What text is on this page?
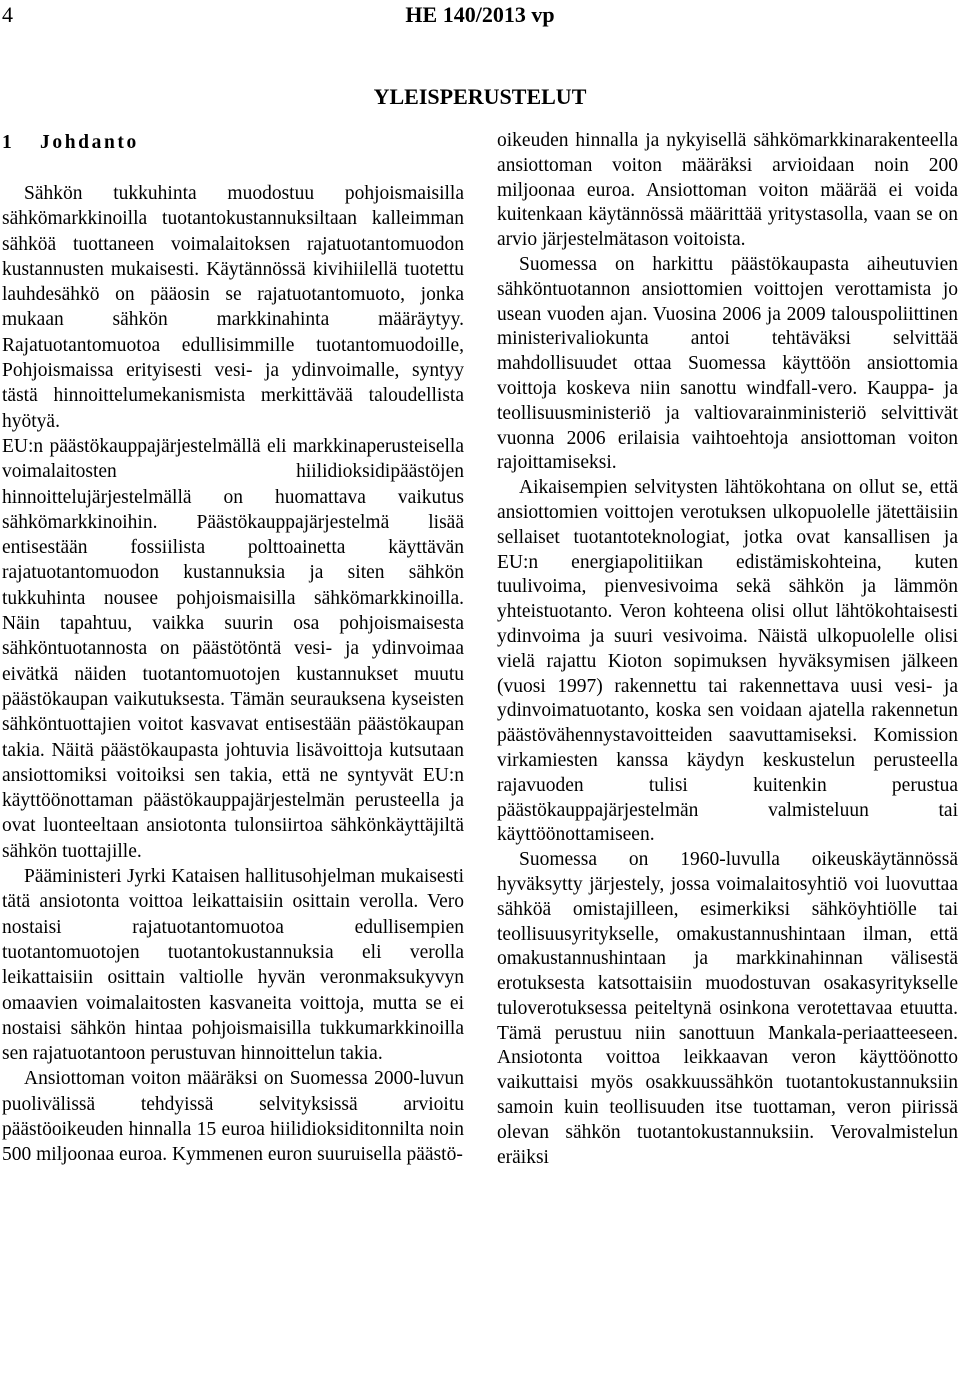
4	HE 140/2013 vp
YLEISPERUSTELUT
1 Johdanto

Sähkön tukkuhinta muodostuu pohjoismaisilla sähkömarkkinoilla tuotantokustannuksiltaan kalleimman sähköä tuottaneen voimalaitoksen rajatuotantomuodon kustannusten mukaisesti. Käytännössä kivihiilellä tuotettu lauhdesähkö on pääosin se rajatuotantomuoto, jonka mukaan sähkön markkinahinta määräytyy. Rajatuotantomuotoa edullisimmille tuotantomuodoille, Pohjoismaissa erityisesti vesi- ja ydinvoimalle, syntyy tästä hinnoittelumekanismista merkittävää taloudellista hyötyä.

EU:n päästökauppajärjestelmällä eli markkinaperusteisella voimalaitosten hiilidioksidipäästöjen hinnoittelujärjestelmällä on huomattava vaikutus sähkömarkkinoihin. Päästökauppajärjestelmä lisää entisestään fossiilista polttoainetta käyttävän rajatuotantomuodon kustannuksia ja siten sähkön tukkuhinta nousee pohjoismaisilla sähkömarkkinoilla. Näin tapahtuu, vaikka suurin osa pohjoismaisesta sähköntuotannosta on päästötöntä vesi- ja ydinvoimaa eivätkä näiden tuotantomuotojen kustannukset muutu päästökaupan vaikutuksesta. Tämän seurauksena kyseisten sähköntuottajien voitot kasvavat entisestään päästökaupan takia. Näitä päästökaupasta johtuvia lisävoittoja kutsutaan ansiottomiksi voitoiksi sen takia, että ne syntyvät EU:n käyttöönottaman päästökauppajärjestelmän perusteella ja ovat luonteeltaan ansiotonta tulonsiirtoa sähkönkäyttäjiltä sähkön tuottajille.

Pääministeri Jyrki Kataisen hallitusohjelman mukaisesti tätä ansiotonta voittoa leikattaisiin osittain verolla. Vero nostaisi rajatuotantomuotoa edullisempien tuotantomuotojen tuotantokustannuksia eli verolla leikattaisiin osittain valtiolle hyvän veronmaksukyvyn omaavien voimalaitosten kasvaneita voittoja, mutta se ei nostaisi sähkön hintaa pohjoismaisilla tukkumarkkinoilla sen rajatuotantoon perustuvan hinnoittelun takia.

Ansiottoman voiton määräksi on Suomessa 2000-luvun puolivälissä tehdyissä selvityksissä arvioitu päästöoikeuden hinnalla 15 euroa hiilidioksiditonnilta noin 500 miljoonaa euroa. Kymmenen euron suuruisella päästö-

oikeuden hinnalla ja nykyisellä sähkömarkkinarakenteella ansiottoman voiton määräksi arvioidaan noin 200 miljoonaa euroa. Ansiottoman voiton määrää ei voida kuitenkaan käytännössä määrittää yritystasolla, vaan se on arvio järjestelmätason voitoista.

Suomessa on harkittu päästökaupasta aiheutuvien sähköntuotannon ansiottomien voittojen verottamista jo usean vuoden ajan. Vuosina 2006 ja 2009 talouspoliittinen ministerivaliokunta antoi tehtäväksi selvittää mahdollisuudet ottaa Suomessa käyttöön ansiottomia voittoja koskeva niin sanottu windfall-vero. Kauppa- ja teollisuusministeriö ja valtiovarainministeriö selvittivät vuonna 2006 erilaisia vaihtoehtoja ansiottoman voiton rajoittamiseksi.

Aikaisempien selvitysten lähtökohtana on ollut se, että ansiottomien voittojen verotuksen ulkopuolelle jätettäisiin sellaiset tuotantoteknologiat, jotka ovat kansallisen ja EU:n energiapolitiikan edistämiskohteina, kuten tuulivoima, pienvesivoima sekä sähkön ja lämmön yhteistuotanto. Veron kohteena olisi ollut lähtökohtaisesti ydinvoima ja suuri vesivoima. Näistä ulkopuolelle olisi vielä rajattu Kioton sopimuksen hyväksymisen jälkeen (vuosi 1997) rakennettu tai rakennettava uusi vesi- ja ydinvoimatuotanto, koska sen voidaan ajatella rakennetun päästövähennystavoitteiden saavuttamiseksi. Komission virkamiesten kanssa käydyn keskustelun perusteella rajavuoden tulisi kuitenkin perustua päästökauppajärjestelmän valmisteluun tai käyttöönottamiseen.

Suomessa on 1960-luvulla oikeuskäytännössä hyväksytty järjestely, jossa voimalaitosyhtiö voi luovuttaa sähköä omistajilleen, esimerkiksi sähköyhtiölle tai teollisuusyritykselle, omakustannushintaan ilman, että omakustannushintaan ja markkinahinnan välisestä erotuksesta katsottaisiin muodostuvan osakasyritykselle tuloverotuksessa peiteltynä osinkona verotettavaa etuutta. Tämä perustuu niin sanottuun Mankala-periaatteeseen. Ansiotonta voittoa leikkaavan veron käyttöönotto vaikuttaisi myös osakkuussähkön tuotantokustannuksiin samoin kuin teollisuuden itse tuottaman, veron piirissä olevan sähkön tuotantokustannuksiin. Verovalmistelun eräiksi
